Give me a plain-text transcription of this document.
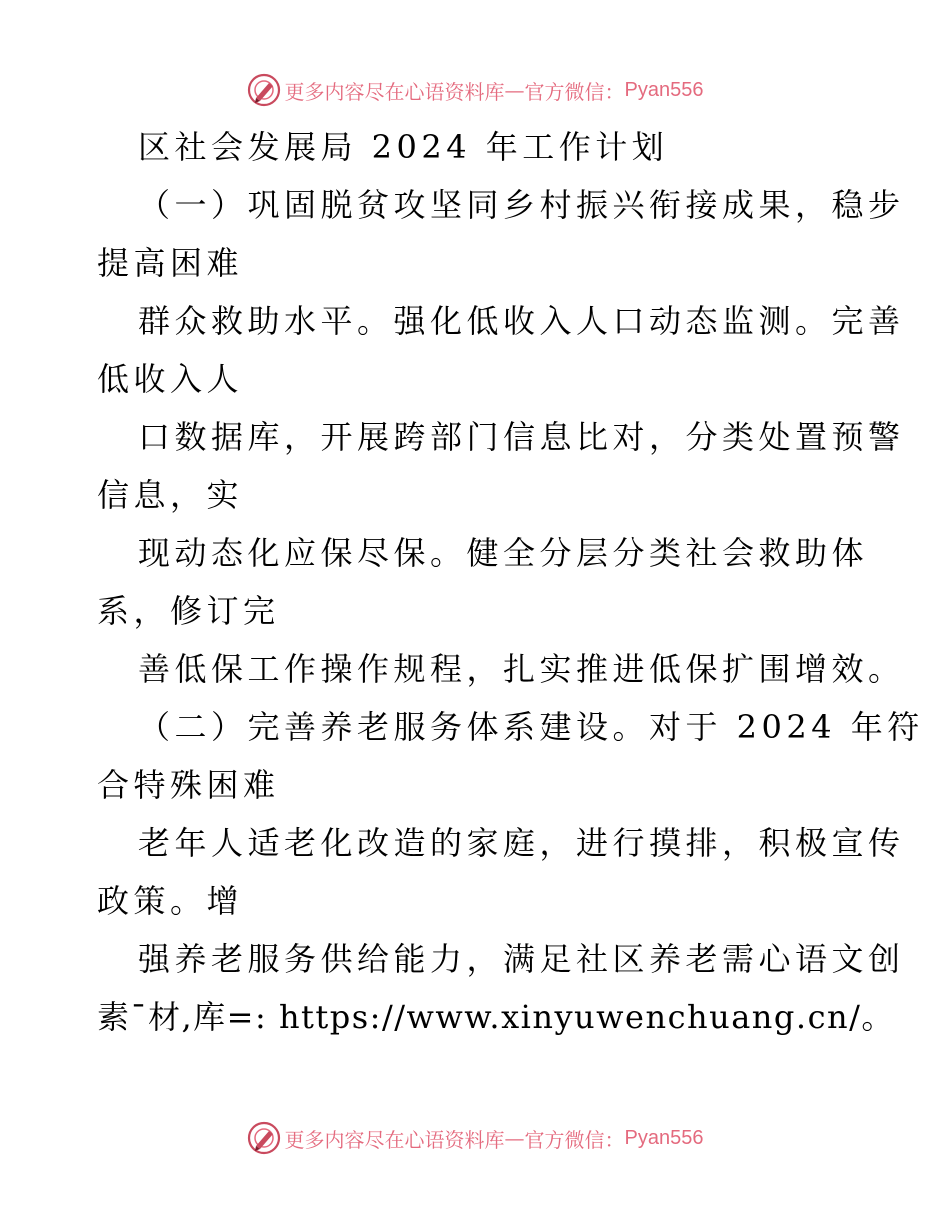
更多内容尽在心语资料库 — 官方微信： Pyan556
区社会发展局 2024 年工作计划
（一）巩固脱贫攻坚同乡村振兴衔接成果，稳步
提高困难
群众救助水平。强化低收入人口动态监测。完善
低收入人
口数据库，开展跨部门信息比对，分类处置预警
信息，实
现动态化应保尽保。健全分层分类社会救助体
系，修订完
善低保工作操作规程，扎实推进低保扩围增效。
（二）完善养老服务体系建设。对于 2024 年符
合特殊困难
老年人适老化改造的家庭，进行摸排，积极宣传
政策。增
强养老服务供给能力，满足社区养老需心语文创
素¯材,库=: https://www.xinyuwenchuang.cn/。
更多内容尽在心语资料库 — 官方微信： Pyan556
